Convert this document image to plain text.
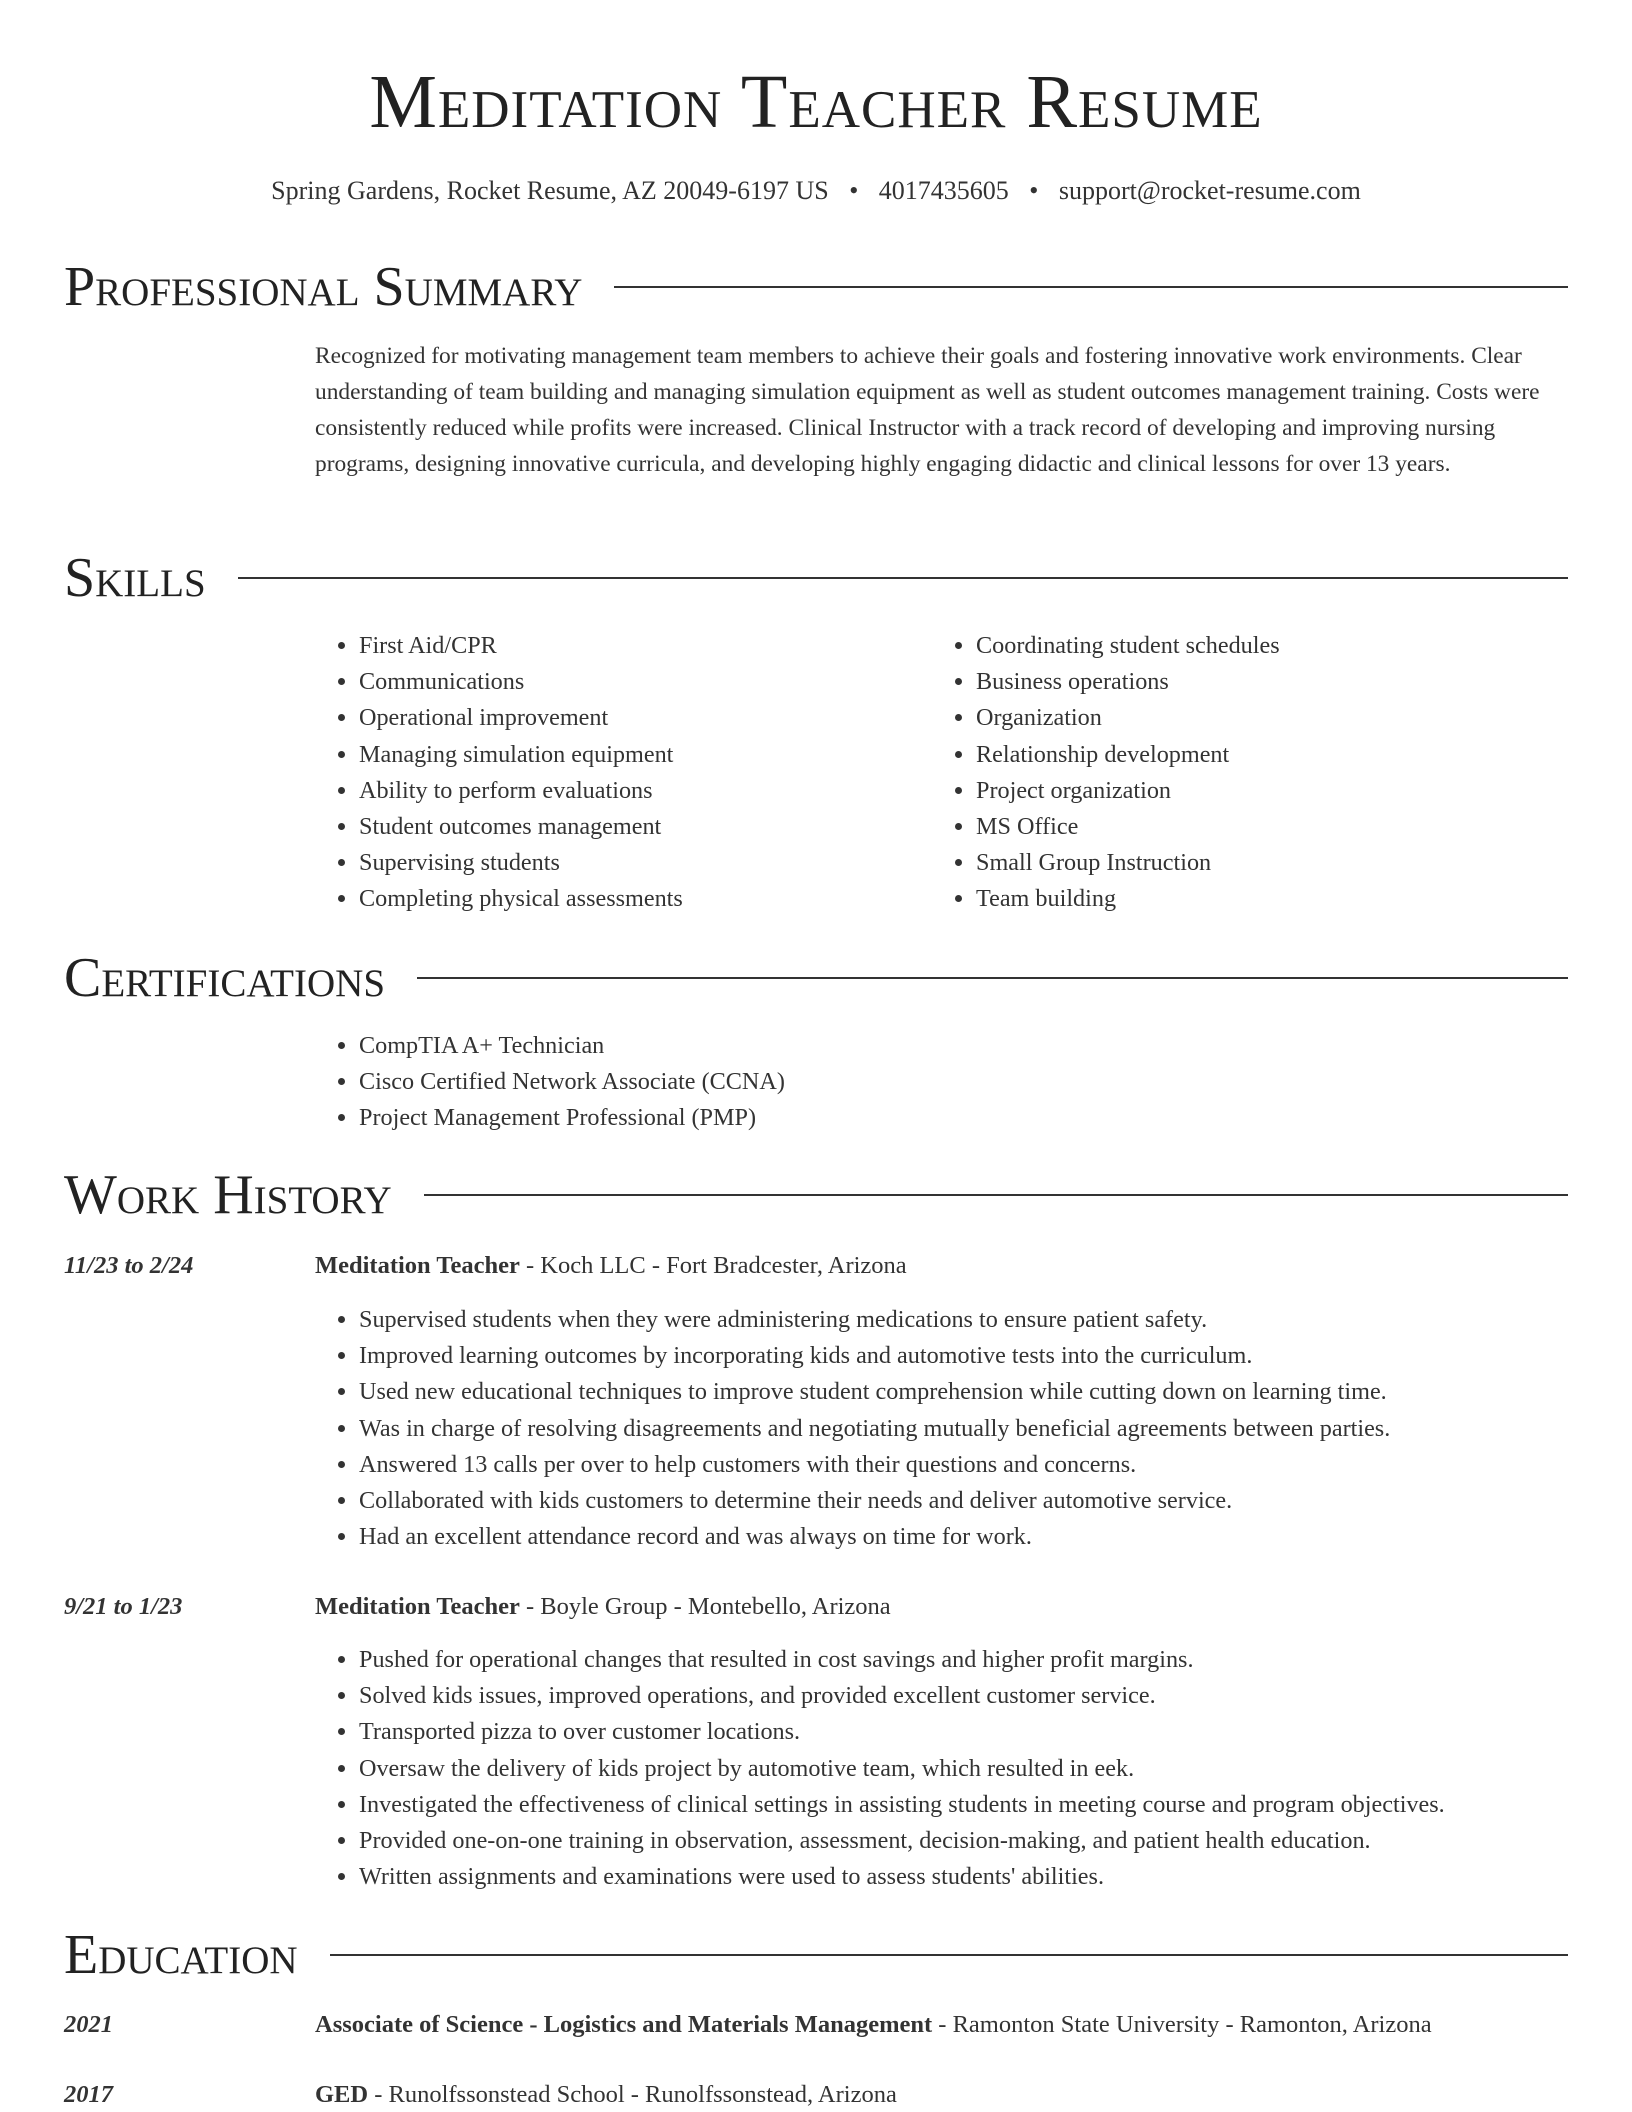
Meditation Teacher Resume
Spring Gardens, Rocket Resume, AZ 20049-6197 US • 4017435605 • support@rocket-resume.com
Professional Summary

Recognized for motivating management team members to achieve their goals and fostering innovative work environments. Clear understanding of team building and managing simulation equipment as well as student outcomes management training. Costs were consistently reduced while profits were increased. Clinical Instructor with a track record of developing and improving nursing programs, designing innovative curricula, and developing highly engaging didactic and clinical lessons for over 13 years.

Skills
• First Aid/CPR
• Communications
• Operational improvement
• Managing simulation equipment
• Ability to perform evaluations
• Student outcomes management
• Supervising students
• Completing physical assessments
• Coordinating student schedules
• Business operations
• Organization
• Relationship development
• Project organization
• MS Office
• Small Group Instruction
• Team building
Certifications
• CompTIA A+ Technician
• Cisco Certified Network Associate (CCNA)
• Project Management Professional (PMP)
Work History
11/23 to 2/24	Meditation Teacher - Koch LLC - Fort Bradcester, Arizona
• Supervised students when they were administering medications to ensure patient safety.
• Improved learning outcomes by incorporating kids and automotive tests into the curriculum.
• Used new educational techniques to improve student comprehension while cutting down on learning time.
• Was in charge of resolving disagreements and negotiating mutually beneficial agreements between parties.
• Answered 13 calls per over to help customers with their questions and concerns.
• Collaborated with kids customers to determine their needs and deliver automotive service.
• Had an excellent attendance record and was always on time for work.
9/21 to 1/23	Meditation Teacher - Boyle Group - Montebello, Arizona
• Pushed for operational changes that resulted in cost savings and higher profit margins.
• Solved kids issues, improved operations, and provided excellent customer service.
• Transported pizza to over customer locations.
• Oversaw the delivery of kids project by automotive team, which resulted in eek.
• Investigated the effectiveness of clinical settings in assisting students in meeting course and program objectives.
• Provided one-on-one training in observation, assessment, decision-making, and patient health education.
• Written assignments and examinations were used to assess students' abilities.
Education
2021	Associate of Science - Logistics and Materials Management - Ramonton State University - Ramonton, Arizona
2017	GED - Runolfssonstead School - Runolfssonstead, Arizona
